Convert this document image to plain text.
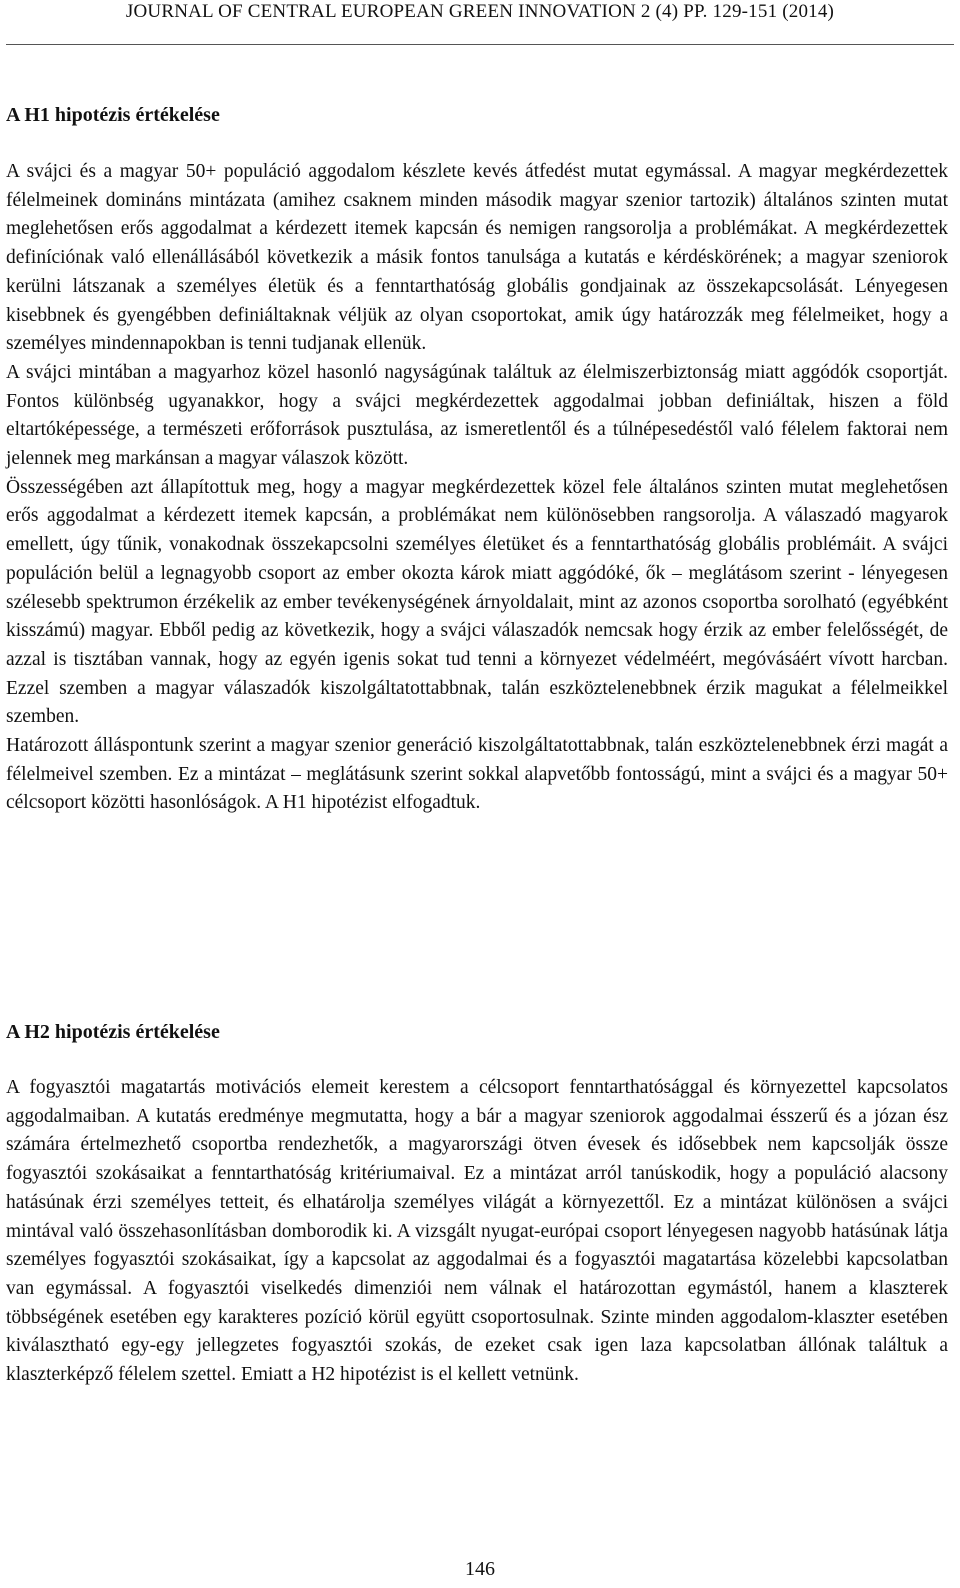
JOURNAL OF CENTRAL EUROPEAN GREEN INNOVATION 2 (4) PP. 129-151 (2014)
A H1 hipotézis értékelése

A svájci és a magyar 50+ populáció aggodalom készlete kevés átfedést mutat egymással. A magyar megkérdezettek félelmeinek domináns mintázata (amihez csaknem minden második magyar szenior tartozik) általános szinten mutat meglehetősen erős aggodalmat a kérdezett itemek kapcsán és nemigen rangsorolja a problémákat. A megkérdezettek definíciónak való ellenállásából következik a másik fontos tanulsága a kutatás e kérdéskörének; a magyar szeniorok kerülni látszanak a személyes életük és a fenntarthatóság globális gondjainak az összekapcsolását. Lényegesen kisebbnek és gyengébben definiáltaknak véljük az olyan csoportokat, amik úgy határozzák meg félelmeiket, hogy a személyes mindennapokban is tenni tudjanak ellenük.

A svájci mintában a magyarhoz közel hasonló nagyságúnak találtuk az élelmiszerbiztonság miatt aggódók csoportját. Fontos különbség ugyanakkor, hogy a svájci megkérdezettek aggodalmai jobban definiáltak, hiszen a föld eltartóképessége, a természeti erőforrások pusztulása, az ismeretlentől és a túlnépesedéstől való félelem faktorai nem jelennek meg markánsan a magyar válaszok között.

Összességében azt állapítottuk meg, hogy a magyar megkérdezettek közel fele általános szinten mutat meglehetősen erős aggodalmat a kérdezett itemek kapcsán, a problémákat nem különösebben rangsorolja. A válaszadó magyarok emellett, úgy tűnik, vonakodnak összekapcsolni személyes életüket és a fenntarthatóság globális problémáit. A svájci populáción belül a legnagyobb csoport az ember okozta károk miatt aggódóké, ők – meglátásom szerint - lényegesen szélesebb spektrumon érzékelik az ember tevékenységének árnyoldalait, mint az azonos csoportba sorolható (egyébként kisszámú) magyar. Ebből pedig az következik, hogy a svájci válaszadók nemcsak hogy érzik az ember felelősségét, de azzal is tisztában vannak, hogy az egyén igenis sokat tud tenni a környezet védelméért, megóvásáért vívott harcban. Ezzel szemben a magyar válaszadók kiszolgáltatottabbnak, talán eszköztelenebbnek érzik magukat a félelmeikkel szemben.

Határozott álláspontunk szerint a magyar szenior generáció kiszolgáltatottabbnak, talán eszköztelenebbnek érzi magát a félelmeivel szemben. Ez a mintázat – meglátásunk szerint sokkal alapvetőbb fontosságú, mint a svájci és a magyar 50+ célcsoport közötti hasonlóságok. A H1 hipotézist elfogadtuk.

A H2 hipotézis értékelése

A fogyasztói magatartás motivációs elemeit kerestem a célcsoport fenntarthatósággal és környezettel kapcsolatos aggodalmaiban. A kutatás eredménye megmutatta, hogy a bár a magyar szeniorok aggodalmai ésszerű és a józan ész számára értelmezhető csoportba rendezhetők, a magyarországi ötven évesek és idősebbek nem kapcsolják össze fogyasztói szokásaikat a fenntarthatóság kritériumaival. Ez a mintázat arról tanúskodik, hogy a populáció alacsony hatásúnak érzi személyes tetteit, és elhatárolja személyes világát a környezettől. Ez a mintázat különösen a svájci mintával való összehasonlításban domborodik ki. A vizsgált nyugat-európai csoport lényegesen nagyobb hatásúnak látja személyes fogyasztói szokásaikat, így a kapcsolat az aggodalmai és a fogyasztói magatartása közelebbi kapcsolatban van egymással. A fogyasztói viselkedés dimenziói nem válnak el határozottan egymástól, hanem a klaszterek többségének esetében egy karakteres pozíció körül együtt csoportosulnak. Szinte minden aggodalom-klaszter esetében kiválasztható egy-egy jellegzetes fogyasztói szokás, de ezeket csak igen laza kapcsolatban állónak találtuk a klaszterképző félelem szettel. Emiatt a H2 hipotézist is el kellett vetnünk.

146
